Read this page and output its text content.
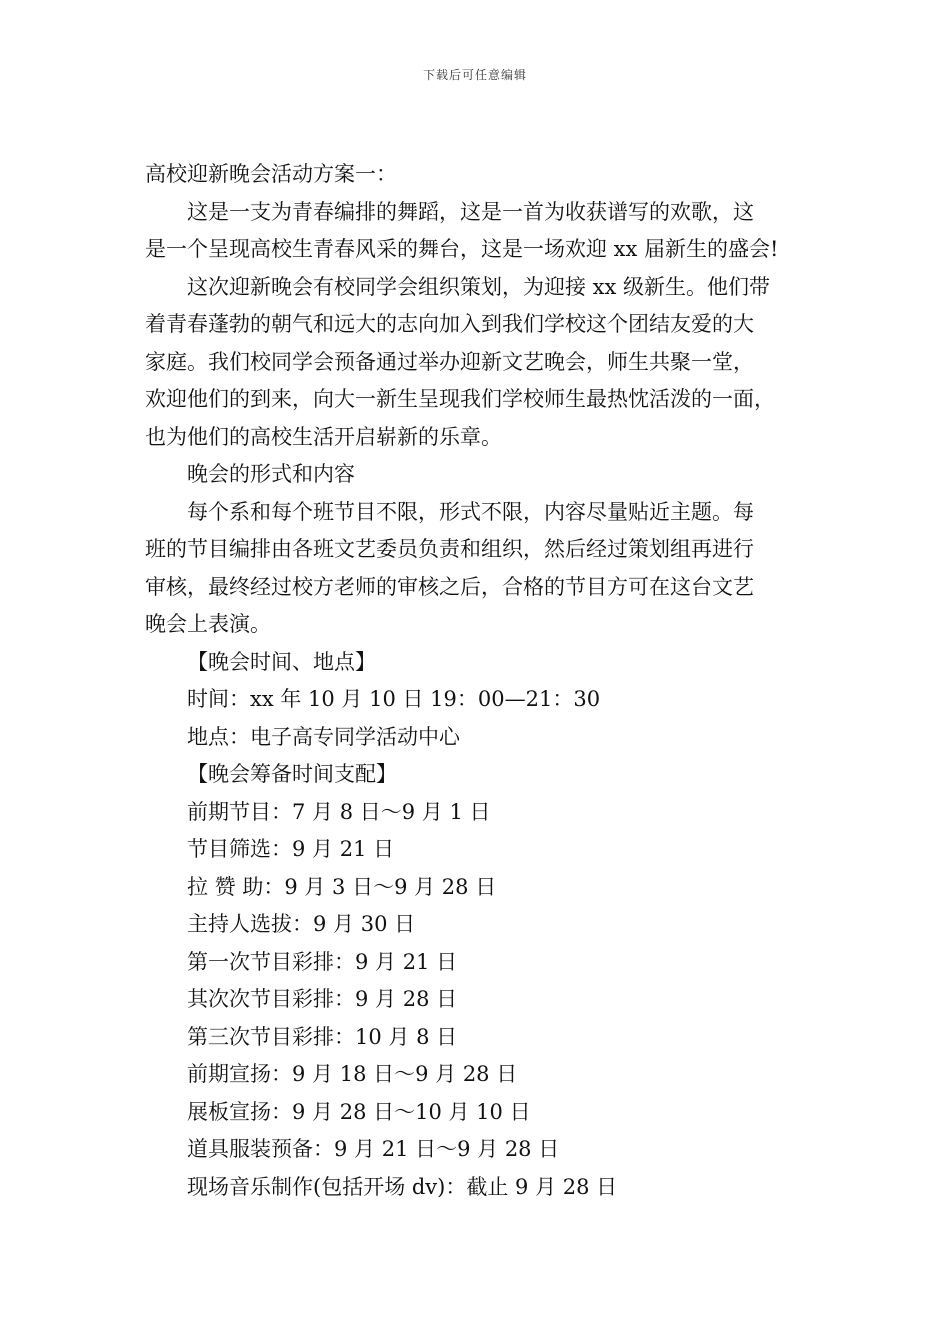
下载后可任意编辑

高校迎新晚会活动方案一：

这是一支为青春编排的舞蹈，这是一首为收获谱写的欢歌，这

是一个呈现高校生青春风采的舞台，这是一场欢迎 xx 届新生的盛会!

这次迎新晚会有校同学会组织策划，为迎接 xx 级新生。他们带

着青春蓬勃的朝气和远大的志向加入到我们学校这个团结友爱的大

家庭。我们校同学会预备通过举办迎新文艺晚会，师生共聚一堂，

欢迎他们的到来，向大一新生呈现我们学校师生最热忱活泼的一面，

也为他们的高校生活开启崭新的乐章。

晚会的形式和内容

每个系和每个班节目不限，形式不限，内容尽量贴近主题。每

班的节目编排由各班文艺委员负责和组织，然后经过策划组再进行

审核，最终经过校方老师的审核之后，合格的节目方可在这台文艺

晚会上表演。

【晚会时间、地点】

时间：xx 年 10 月 10 日 19：00—21：30

地点：电子高专同学活动中心

【晚会筹备时间支配】

前期节目：7 月 8 日～9 月 1 日

节目筛选：9 月 21 日

拉 赞 助：9 月 3 日～9 月 28 日

主持人选拔：9 月 30 日

第一次节目彩排：9 月 21 日

其次次节目彩排：9 月 28 日

第三次节目彩排：10 月 8 日

前期宣扬：9 月 18 日～9 月 28 日

展板宣扬：9 月 28 日～10 月 10 日

道具服装预备：9 月 21 日～9 月 28 日

现场音乐制作(包括开场 dv)：截止 9 月 28 日
